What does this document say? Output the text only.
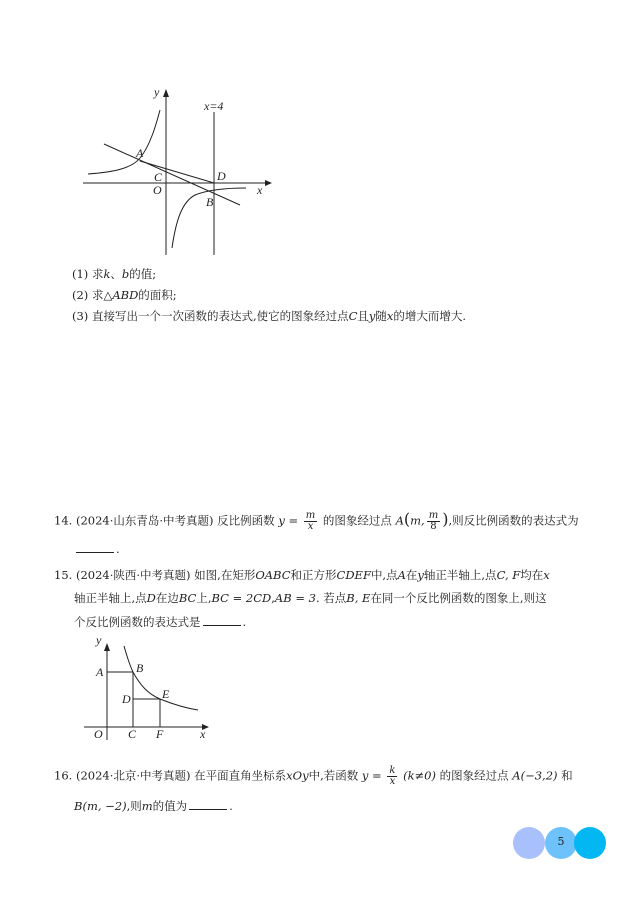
y
x
x=4
A
C
O
D
B
(1) 求k、b的值;
(2) 求△ABD的面积;
(3) 直接写出一个一次函数的表达式,使它的图象经过点C且y随x的增大而增大.
14. (2024·山东青岛·中考真题) 反比例函数 $y = \frac{m}{x}$ 的图象经过点 A(m, $\frac{m}{8}$ ),则反比例函数的表达式为
.
15. (2024·陕西·中考真题) 如图,在矩形OABC和正方形CDEF中,点A在y轴正半轴上,点C, F均在x
轴正半轴上,点D在边BC上,BC = 2CD,AB = 3. 若点B, E在同一个反比例函数的图象上,则这
个反比例函数的表达式是	.
y
x
A	B
D	E
O C F
16. (2024·北京·中考真题) 在平面直角坐标系xOy中,若函数 $y = \frac{k}{x} (k\ne 0)$ 的图象经过点 A(−3,2) 和
B(m, −2),则m的值为	.
5
